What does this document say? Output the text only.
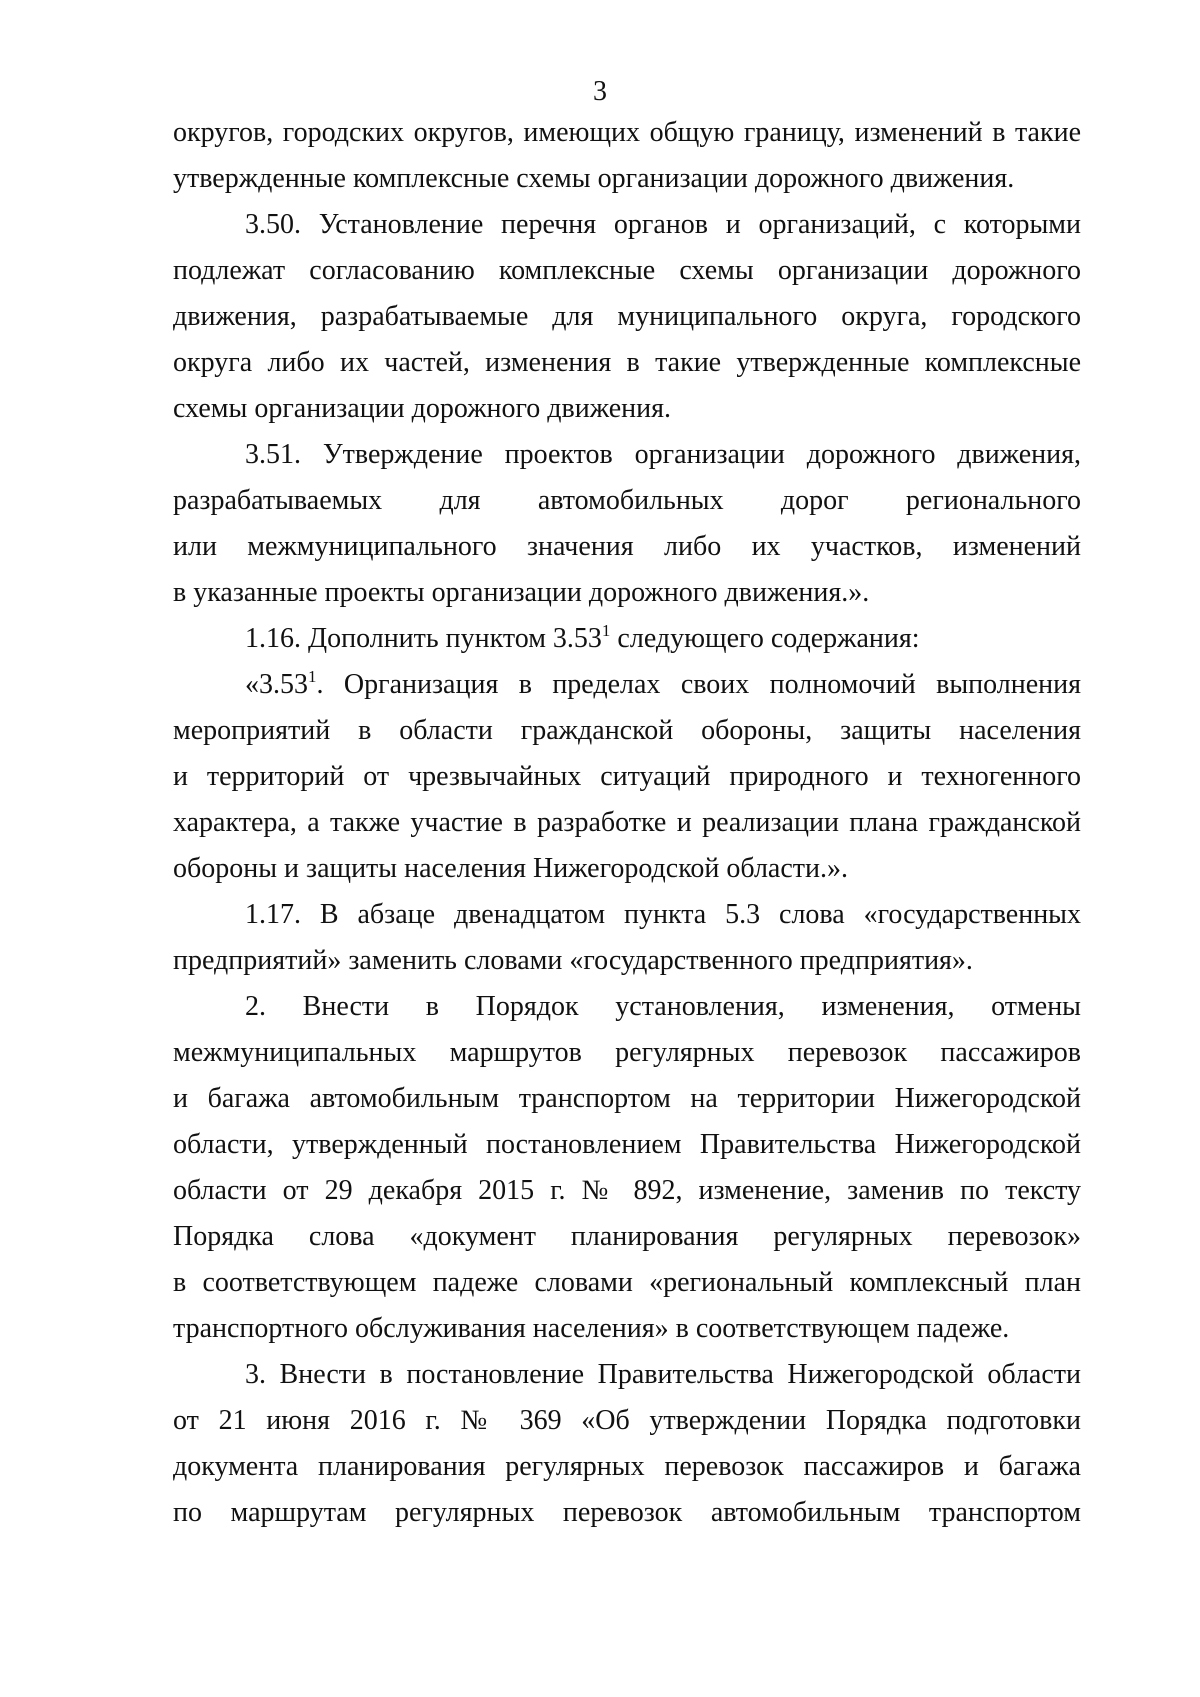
3
округов, городских округов, имеющих общую границу, изменений в такие
утвержденные комплексные схемы организации дорожного движения.
3.50. Установление перечня органов и организаций, с которыми
подлежат согласованию комплексные схемы организации дорожного
движения, разрабатываемые для муниципального округа, городского
округа либо их частей, изменения в такие утвержденные комплексные
схемы организации дорожного движения.
3.51. Утверждение проектов организации дорожного движения,
разрабатываемых для автомобильных дорог регионального
или межмуниципального значения либо их участков, изменений
в указанные проекты организации дорожного движения.».
1.16. Дополнить пунктом 3.53$^1$ следующего содержания:
«3.53$^1$. Организация в пределах своих полномочий выполнения
мероприятий в области гражданской обороны, защиты населения
и территорий от чрезвычайных ситуаций природного и техногенного
характера, а также участие в разработке и реализации плана гражданской
обороны и защиты населения Нижегородской области.».
1.17. В абзаце двенадцатом пункта 5.3 слова «государственных
предприятий» заменить словами «государственного предприятия».
2. Внести в Порядок установления, изменения, отмены
межмуниципальных маршрутов регулярных перевозок пассажиров
и багажа автомобильным транспортом на территории Нижегородской
области, утвержденный постановлением Правительства Нижегородской
области от 29 декабря 2015 г. № 892, изменение, заменив по тексту
Порядка слова «документ планирования регулярных перевозок»
в соответствующем падеже словами «региональный комплексный план
транспортного обслуживания населения» в соответствующем падеже.
3. Внести в постановление Правительства Нижегородской области
от 21 июня 2016 г. № 369 «Об утверждении Порядка подготовки
документа планирования регулярных перевозок пассажиров и багажа
по маршрутам регулярных перевозок автомобильным транспортом
